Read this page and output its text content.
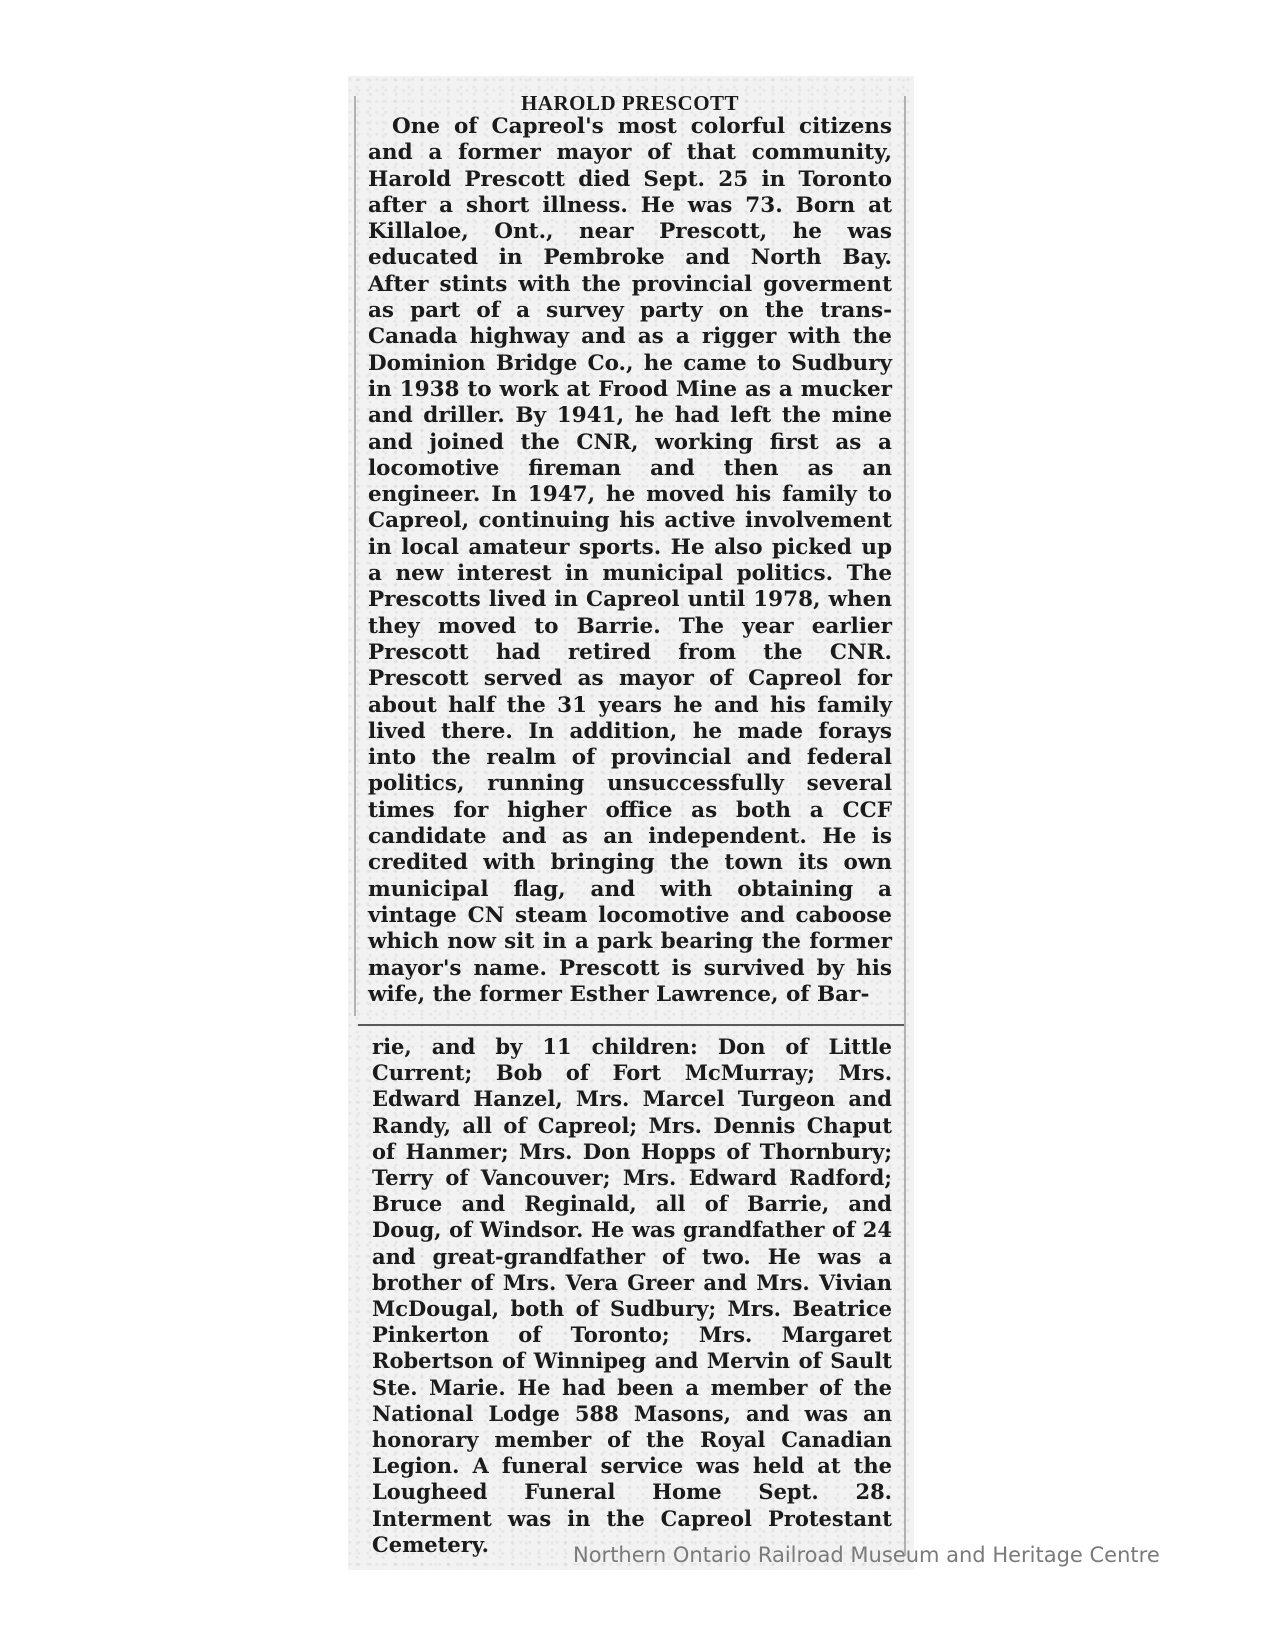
HAROLD PRESCOTT

One of Capreol's most colorful citizens and a former mayor of that community, Harold Prescott died Sept. 25 in Toronto after a short illness. He was 73. Born at Killaloe, Ont., near Prescott, he was educated in Pembroke and North Bay. After stints with the provincial goverment as part of a survey party on the trans-Canada highway and as a rigger with the Dominion Bridge Co., he came to Sudbury in 1938 to work at Frood Mine as a mucker and driller. By 1941, he had left the mine and joined the CNR, working first as a locomotive fireman and then as an engineer. In 1947, he moved his family to Capreol, continuing his active involvement in local amateur sports. He also picked up a new interest in municipal politics. The Prescotts lived in Capreol until 1978, when they moved to Barrie. The year earlier Prescott had retired from the CNR. Prescott served as mayor of Capreol for about half the 31 years he and his family lived there. In addition, he made forays into the realm of provincial and federal politics, running unsuccessfully several times for higher office as both a CCF candidate and as an independent. He is credited with bringing the town its own municipal flag, and with obtaining a vintage CN steam locomotive and caboose which now sit in a park bearing the former mayor's name. Prescott is survived by his wife, the former Esther Lawrence, of Bar-

rie, and by 11 children: Don of Little Current; Bob of Fort McMurray; Mrs. Edward Hanzel, Mrs. Marcel Turgeon and Randy, all of Capreol; Mrs. Dennis Chaput of Hanmer; Mrs. Don Hopps of Thornbury; Terry of Vancouver; Mrs. Edward Radford; Bruce and Reginald, all of Barrie, and Doug, of Windsor. He was grandfather of 24 and great-grandfather of two. He was a brother of Mrs. Vera Greer and Mrs. Vivian McDougal, both of Sudbury; Mrs. Beatrice Pinkerton of Toronto; Mrs. Margaret Robertson of Winnipeg and Mervin of Sault Ste. Marie. He had been a member of the National Lodge 588 Masons, and was an honorary member of the Royal Canadian Legion. A funeral service was held at the Lougheed Funeral Home Sept. 28. Interment was in the Capreol Protestant Cemetery.	Northern Ontario Railroad Museum and Heritage Centre
